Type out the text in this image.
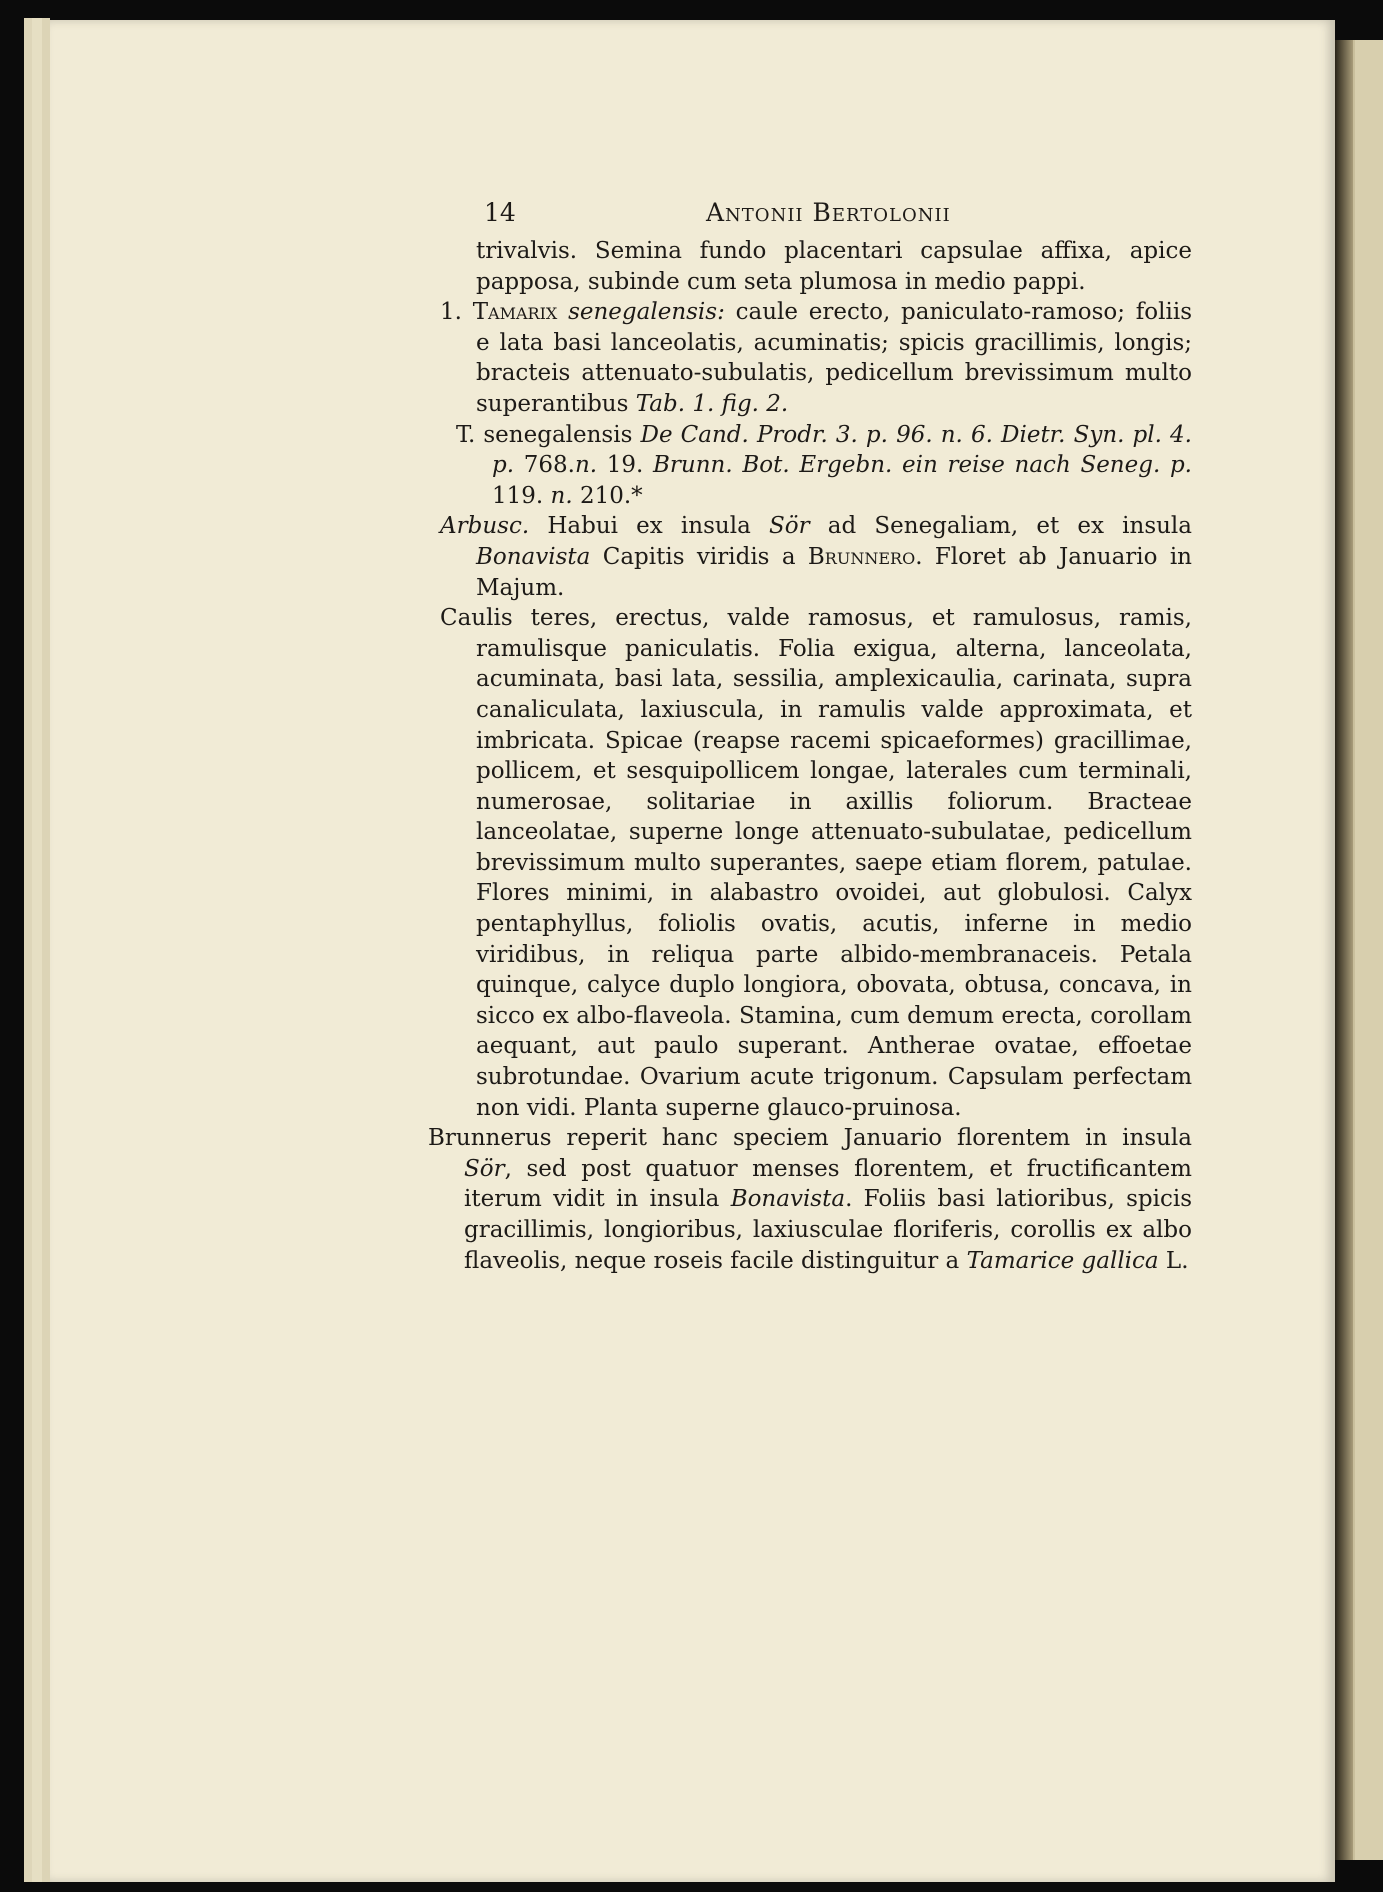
14	Antonii Bertolonii

trivalvis. Semina fundo placentari capsulae affixa, apice papposa, subinde cum seta plumosa in medio pappi.

1. Tamarix senegalensis: caule erecto, paniculato-ramoso; foliis e lata basi lanceolatis, acuminatis; spicis gracillimis, longis; bracteis attenuato-subulatis, pedicellum brevissimum multo superantibus Tab. 1. fig. 2.

T. senegalensis De Cand. Prodr. 3. p. 96. n. 6. Dietr. Syn. pl. 4. p. 768.n. 19. Brunn. Bot. Ergebn. ein reise nach Seneg. p. 119. n. 210.*

Arbusc. Habui ex insula Sör ad Senegaliam, et ex insula Bonavista Capitis viridis a Brunnero. Floret ab Januario in Majum.

Caulis teres, erectus, valde ramosus, et ramulosus, ramis, ramulisque paniculatis. Folia exigua, alterna, lanceolata, acuminata, basi lata, sessilia, amplexicaulia, carinata, supra canaliculata, laxiuscula, in ramulis valde approximata, et imbricata. Spicae (reapse racemi spicaeformes) gracillimae, pollicem, et sesquipollicem longae, laterales cum terminali, numerosae, solitariae in axillis foliorum. Bracteae lanceolatae, superne longe attenuato-subulatae, pedicellum brevissimum multo superantes, saepe etiam florem, patulae. Flores minimi, in alabastro ovoidei, aut globulosi. Calyx pentaphyllus, foliolis ovatis, acutis, inferne in medio viridibus, in reliqua parte albido-membranaceis. Petala quinque, calyce duplo longiora, obovata, obtusa, concava, in sicco ex albo-flaveola. Stamina, cum demum erecta, corollam aequant, aut paulo superant. Antherae ovatae, effoetae subrotundae. Ovarium acute trigonum. Capsulam perfectam non vidi. Planta superne glauco-pruinosa.

Brunnerus reperit hanc speciem Januario florentem in insula Sör, sed post quatuor menses florentem, et fructificantem iterum vidit in insula Bonavista. Foliis basi latioribus, spicis gracillimis, longioribus, laxiusculae floriferis, corollis ex albo flaveolis, neque roseis facile distinguitur a Tamarice gallica L.
